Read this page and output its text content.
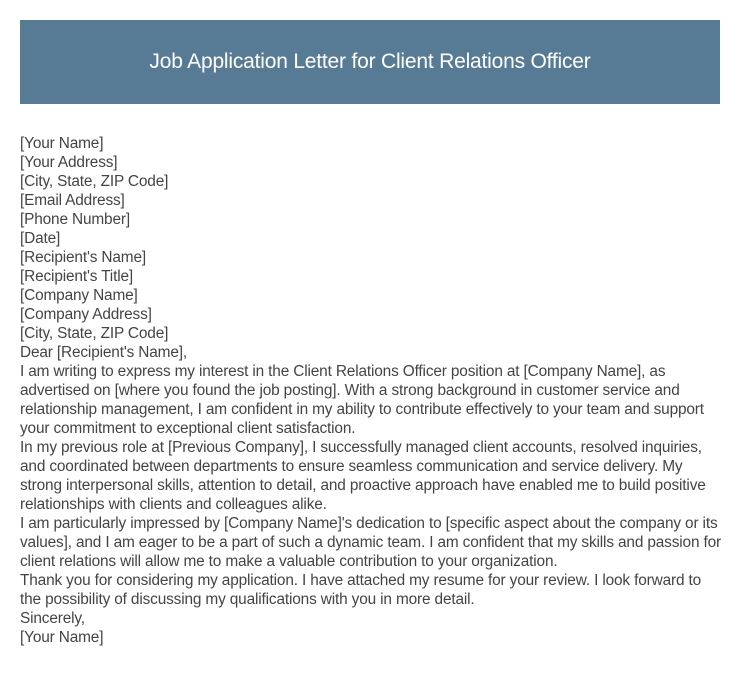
Job Application Letter for Client Relations Officer

[Your Name]

[Your Address]

[City, State, ZIP Code]

[Email Address]

[Phone Number]

[Date]

[Recipient's Name]

[Recipient's Title]

[Company Name]

[Company Address]

[City, State, ZIP Code]

Dear [Recipient's Name],

I am writing to express my interest in the Client Relations Officer position at [Company Name], as advertised on [where you found the job posting]. With a strong background in customer service and relationship management, I am confident in my ability to contribute effectively to your team and support your commitment to exceptional client satisfaction.

In my previous role at [Previous Company], I successfully managed client accounts, resolved inquiries, and coordinated between departments to ensure seamless communication and service delivery. My strong interpersonal skills, attention to detail, and proactive approach have enabled me to build positive relationships with clients and colleagues alike.

I am particularly impressed by [Company Name]'s dedication to [specific aspect about the company or its values], and I am eager to be a part of such a dynamic team. I am confident that my skills and passion for client relations will allow me to make a valuable contribution to your organization.

Thank you for considering my application. I have attached my resume for your review. I look forward to the possibility of discussing my qualifications with you in more detail.

Sincerely,

[Your Name]
